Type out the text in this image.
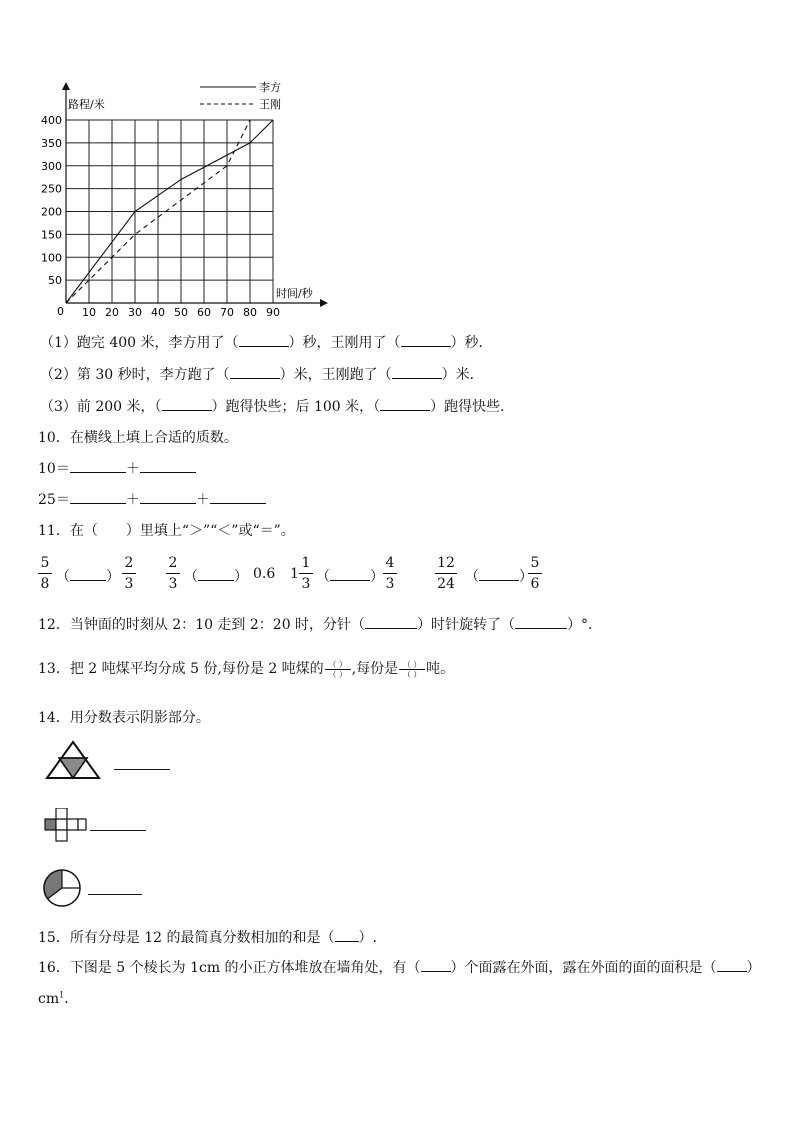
10 20 30 40 50 60 70 80 90
50
100
150
200
250
300
350
400
李方
王刚
路程/米
时间/秒
0
（1）跑完 400 米，李方用了（	）秒，王刚用了（	）秒．
（2）第 30 秒时，李方跑了（	）米，王刚跑了（	）米．
（3）前 200 米，（	）跑得快些；后 100 米，（	）跑得快些．
10．在横线上填上合适的质数。
10＝	＋
25＝	＋	＋
11．在（　　）里填上“＞”“＜”或“＝”。
5
8 （	）
2
3
2
3 （	） 0.6 1
1
3 （	）
4
3
12
24 （	）
5
6
12．当钟面的时刻从 2：10 走到 2：20 时，分针（	）时针旋转了（	）°．
13．把 2 吨煤平均分成 5 份,每份是 2 吨煤的$\frac{( )}{( )}$,每份是$\frac{( )}{( )}$吨。
14．用分数表示阴影部分。
15．所有分母是 12 的最简真分数相加的和是（ ）.
16．下图是 5 个棱长为 1cm 的小正方体堆放在墙角处，有（ ）个面露在外面，露在外面的面的面积是（ ）
$cm^1$．
